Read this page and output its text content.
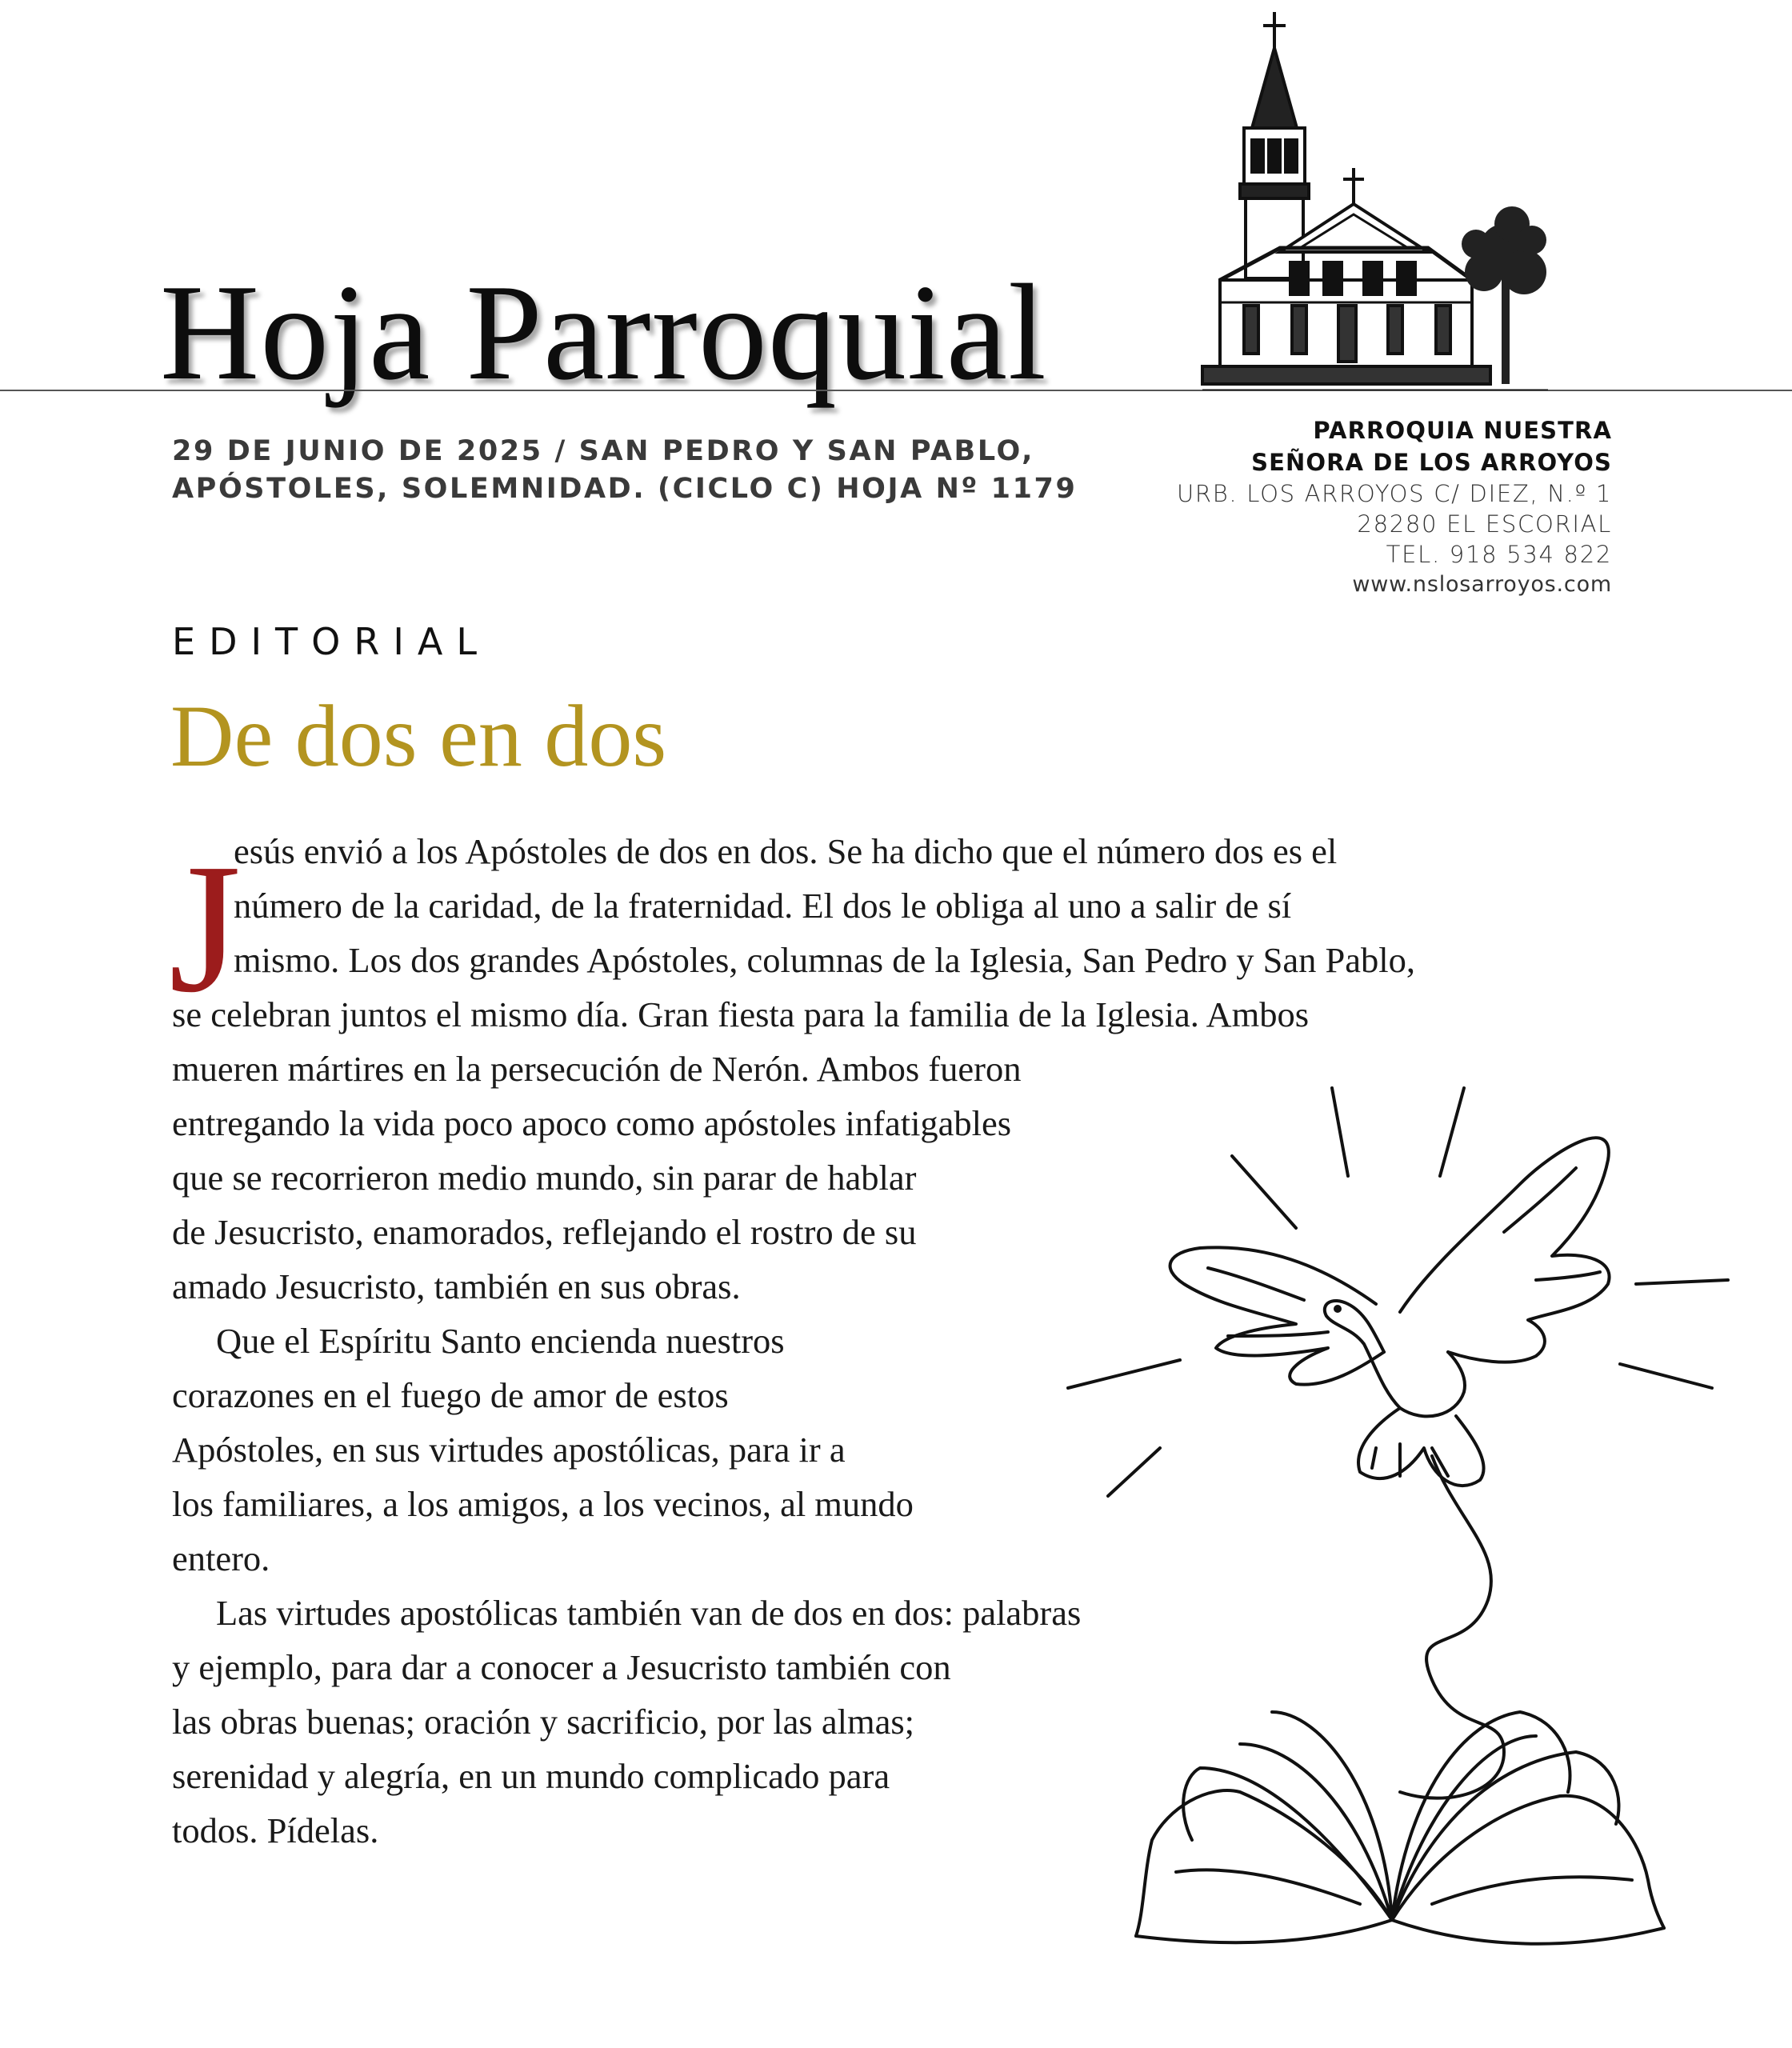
Hoja Parroquial
29 DE JUNIO DE 2025 / SAN PEDRO Y SAN PABLO,
APÓSTOLES, SOLEMNIDAD. (CICLO C) HOJA Nº 1179
PARROQUIA NUESTRA
SEÑORA DE LOS ARROYOS
URB. LOS ARROYOS C/ DIEZ, N.º 1
28280 EL ESCORIAL
TEL. 918 534 822
www.nslosarroyos.com
EDITORIAL
De dos en dos
J
esús envió a los Apóstoles de dos en dos. Se ha dicho que el número dos es el
número de la caridad, de la fraternidad. El dos le obliga al uno a salir de sí
mismo. Los dos grandes Apóstoles, columnas de la Iglesia, San Pedro y San Pablo,
se celebran juntos el mismo día. Gran fiesta para la familia de la Iglesia. Ambos
mueren mártires en la persecución de Nerón. Ambos fueron
entregando la vida poco apoco como apóstoles infatigables
que se recorrieron medio mundo, sin parar de hablar
de Jesucristo, enamorados, reflejando el rostro de su
amado Jesucristo, también en sus obras.
Que el Espíritu Santo encienda nuestros
corazones en el fuego de amor de estos
Apóstoles, en sus virtudes apostólicas, para ir a
los familiares, a los amigos, a los vecinos, al mundo
entero.
Las virtudes apostólicas también van de dos en dos: palabras
y ejemplo, para dar a conocer a Jesucristo también con
las obras buenas; oración y sacrificio, por las almas;
serenidad y alegría, en un mundo complicado para
todos. Pídelas.
